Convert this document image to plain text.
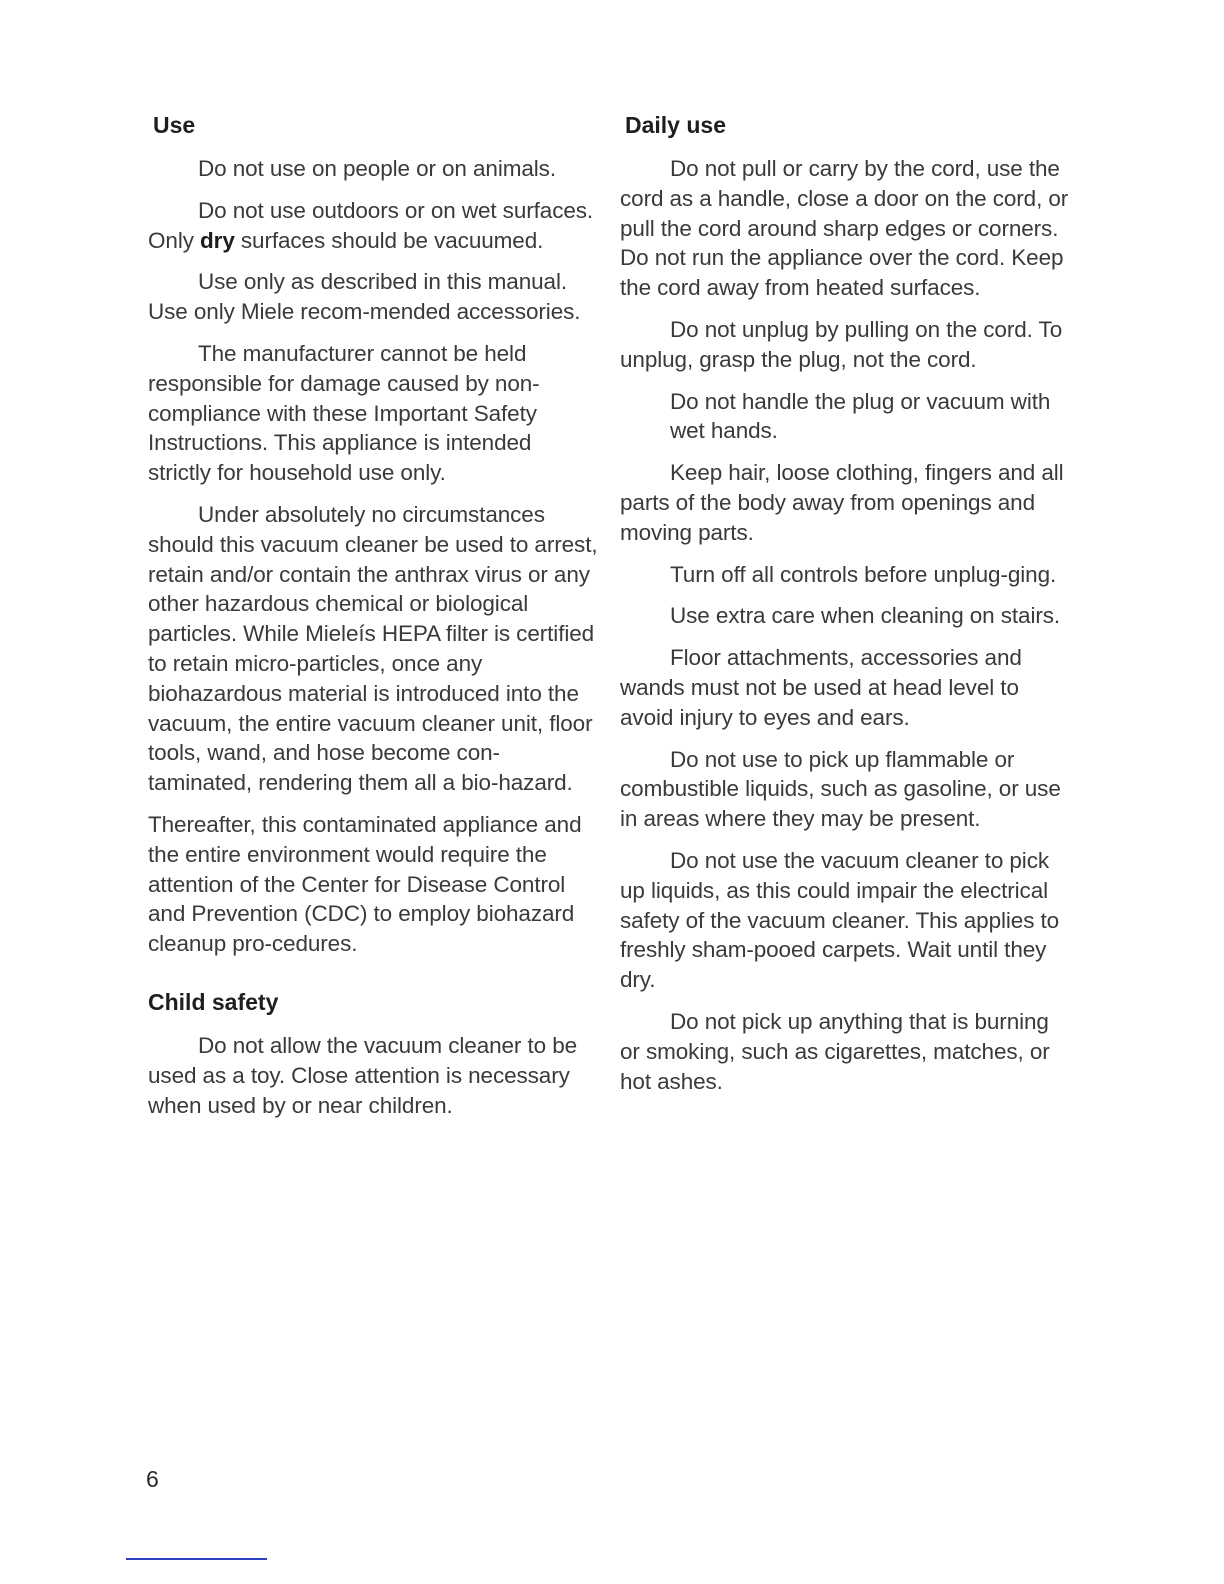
Use

Do not use on people or on animals.

Do not use outdoors or on wet surfaces. Only dry surfaces should be vacuumed.

Use only as described in this manual. Use only Miele recom-mended accessories.

The manufacturer cannot be held responsible for damage caused by non-compliance with these Important Safety Instructions. This appliance is intended strictly for household use only.

Under absolutely no circumstances should this vacuum cleaner be used to arrest, retain and/or contain the anthrax virus or any other hazardous chemical or biological particles. While Mieleís HEPA filter is certified to retain micro-particles, once any biohazardous material is introduced into the vacuum, the entire vacuum cleaner unit, floor tools, wand, and hose become con-taminated, rendering them all a bio-hazard.

Thereafter, this contaminated appliance and the entire environment would require the attention of the Center for Disease Control and Prevention (CDC) to employ biohazard cleanup pro-cedures.

Child safety

Do not allow the vacuum cleaner to be used as a toy. Close attention is necessary when used by or near children.

Daily use

Do not pull or carry by the cord, use the cord as a handle, close a door on the cord, or pull the cord around sharp edges or corners. Do not run the appliance over the cord. Keep the cord away from heated surfaces.

Do not unplug by pulling on the cord. To unplug, grasp the plug, not the cord.

Do not handle the plug or vacuum with wet hands.

Keep hair, loose clothing, fingers and all parts of the body away from openings and moving parts.

Turn off all controls before unplug-ging.

Use extra care when cleaning on stairs.

Floor attachments, accessories and wands must not be used at head level to avoid injury to eyes and ears.

Do not use to pick up flammable or combustible liquids, such as gasoline, or use in areas where they may be present.

Do not use the vacuum cleaner to pick up liquids, as this could impair the electrical safety of the vacuum cleaner. This applies to freshly sham-pooed carpets. Wait until they dry.

Do not pick up anything that is burning or smoking, such as cigarettes, matches, or hot ashes.

6
